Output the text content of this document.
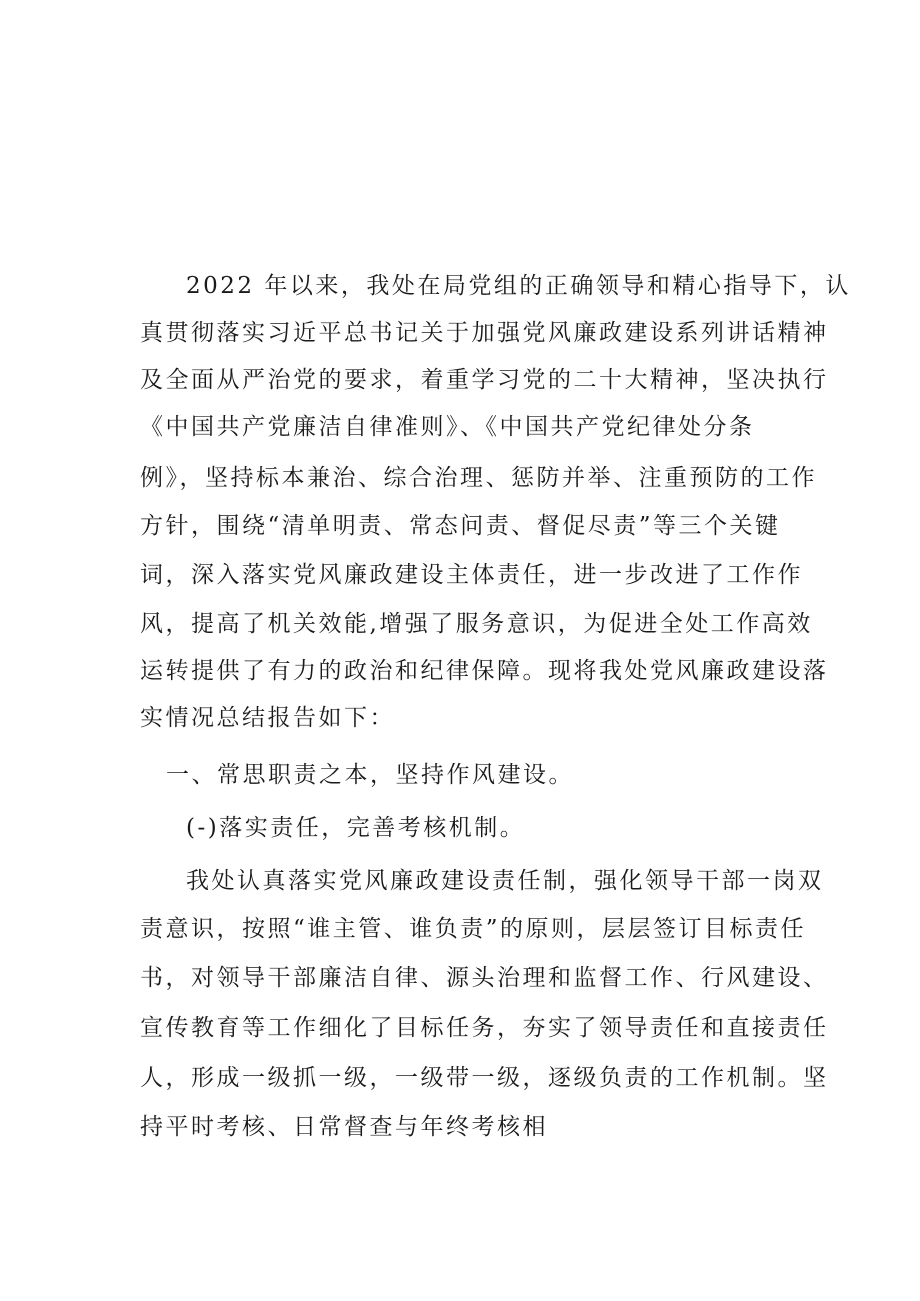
2022 年以来，我处在局党组的正确领导和精心指导下，认
真贯彻落实习近平总书记关于加强党风廉政建设系列讲话精神
及全面从严治党的要求，着重学习党的二十大精神，坚决执行
《中国共产党廉洁自律准则》、《中国共产党纪律处分条
例》，坚持标本兼治、综合治理、惩防并举、注重预防的工作
方针，围绕“清单明责、常态问责、督促尽责”等三个关键
词，深入落实党风廉政建设主体责任，进一步改进了工作作
风，提高了机关效能,增强了服务意识，为促进全处工作高效
运转提供了有力的政治和纪律保障。现将我处党风廉政建设落
实情况总结报告如下：
一、常思职责之本，坚持作风建设。
(-)落实责任，完善考核机制。
我处认真落实党风廉政建设责任制，强化领导干部一岗双
责意识，按照“谁主管、谁负责”的原则，层层签订目标责任
书，对领导干部廉洁自律、源头治理和监督工作、行风建设、
宣传教育等工作细化了目标任务，夯实了领导责任和直接责任
人，形成一级抓一级，一级带一级，逐级负责的工作机制。坚
持平时考核、日常督查与年终考核相
